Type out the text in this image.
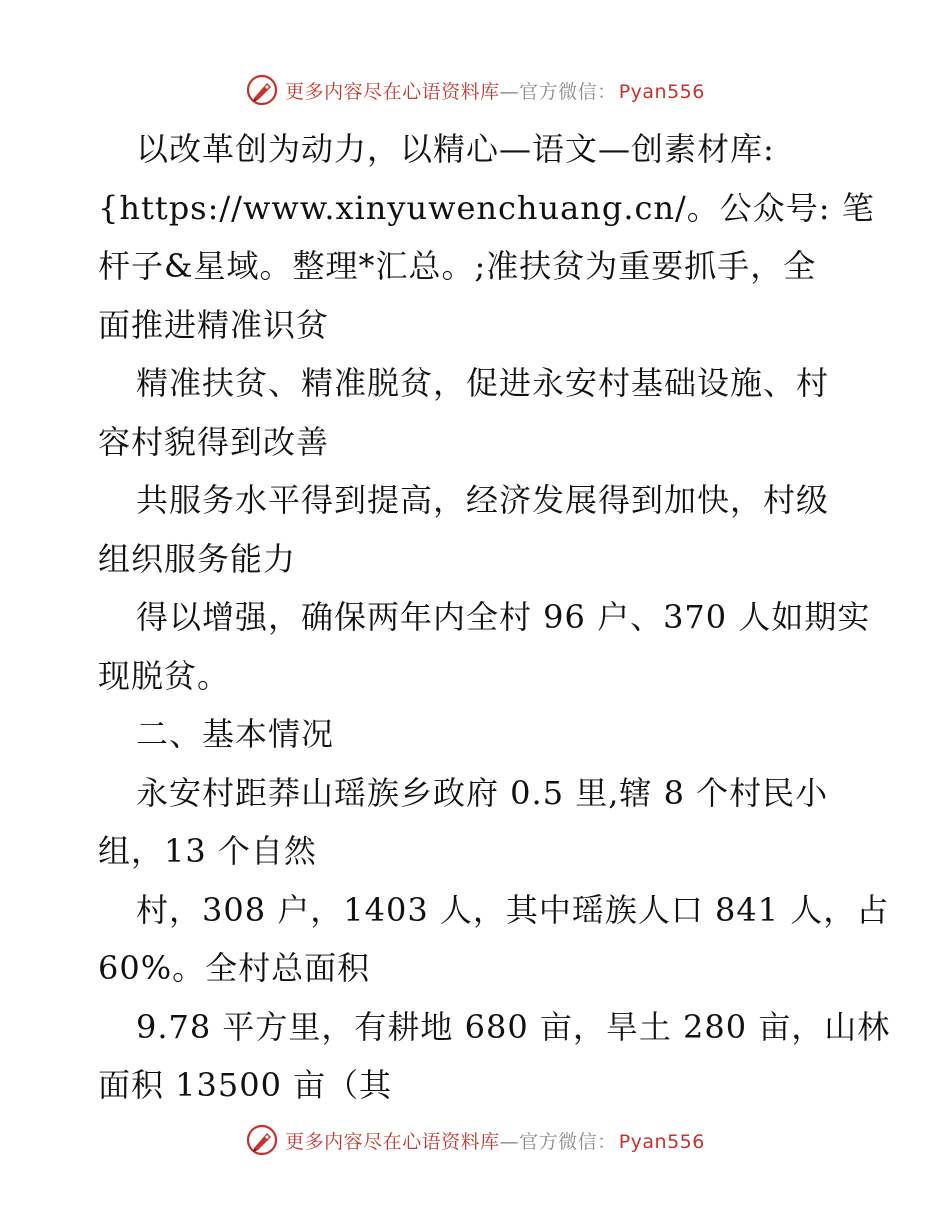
更多内容尽在心语资料库—官方微信： Pyan556
以改革创为动力，以精心—语文—创素材库:
{https://www.xinyuwenchuang.cn/。公众号: 笔
杆子&星域。整理*汇总。;准扶贫为重要抓手，全
面推进精准识贫
精准扶贫、精准脱贫，促进永安村基础设施、村
容村貌得到改善
共服务水平得到提高，经济发展得到加快，村级
组织服务能力
得以增强，确保两年内全村 96 户、370 人如期实
现脱贫。
二、基本情况
永安村距莽山瑶族乡政府 0.5 里,辖 8 个村民小
组，13 个自然
村，308 户，1403 人，其中瑶族人口 841 人，占
60%。全村总面积
9.78 平方里，有耕地 680 亩，旱土 280 亩，山林
面积 13500 亩（其
更多内容尽在心语资料库—官方微信： Pyan556
